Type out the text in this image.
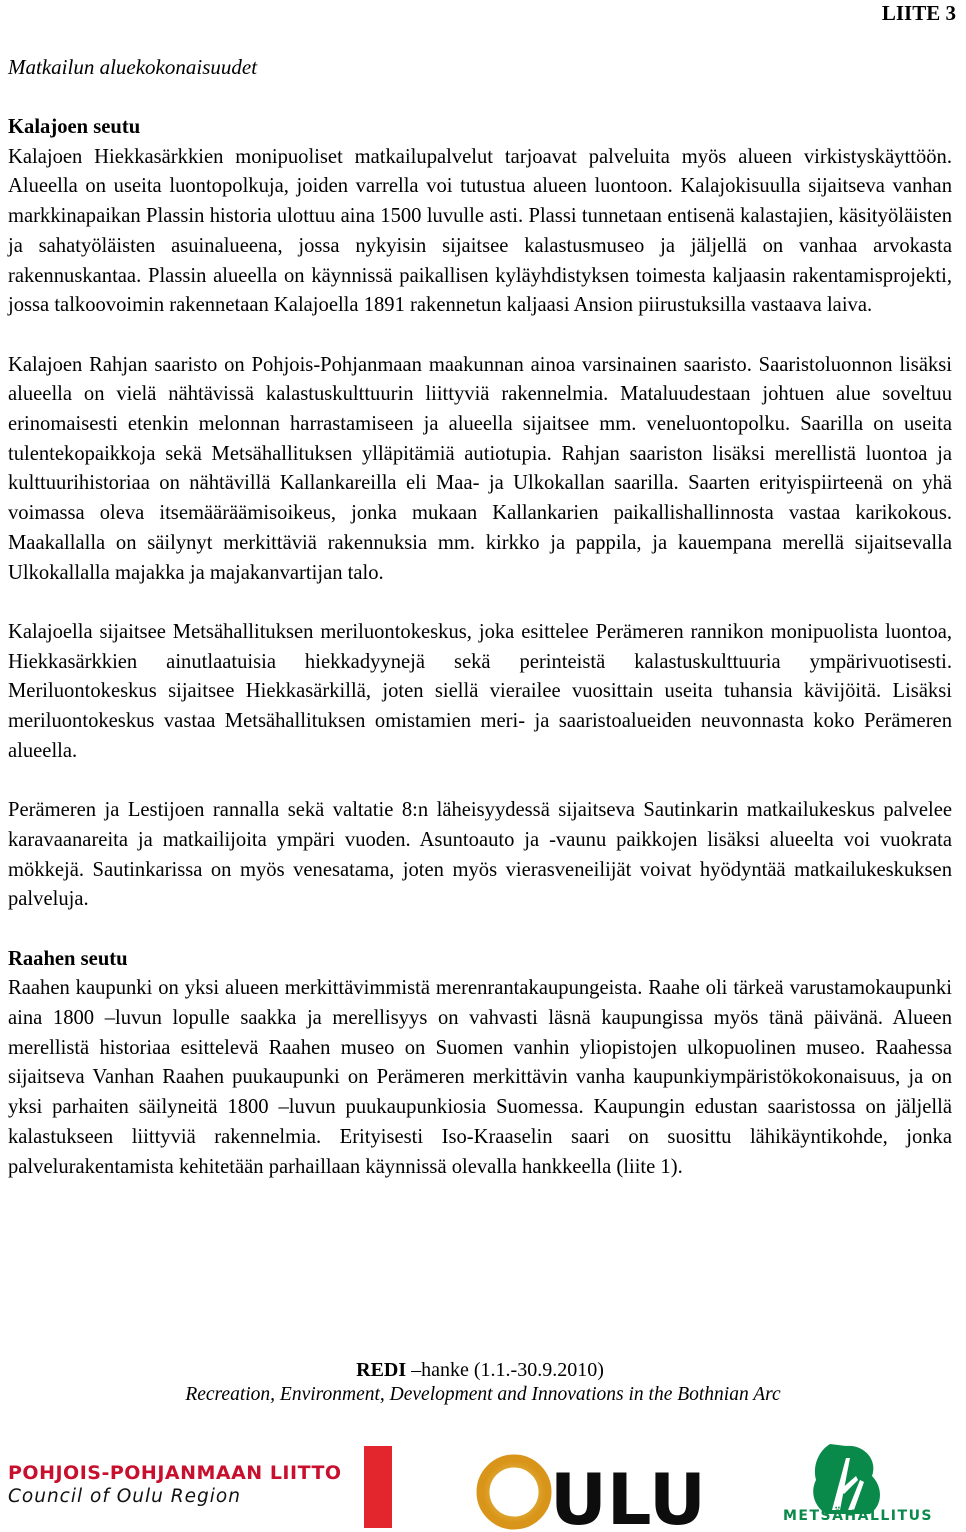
LIITE 3
Matkailun aluekokonaisuudet
Kalajoen seutu

Kalajoen Hiekkasärkkien monipuoliset matkailupalvelut tarjoavat palveluita myös alueen virkistyskäyttöön. Alueella on useita luontopolkuja, joiden varrella voi tutustua alueen luontoon. Kalajokisuulla sijaitseva vanhan markkinapaikan Plassin historia ulottuu aina 1500 luvulle asti. Plassi tunnetaan entisenä kalastajien, käsityöläisten ja sahatyöläisten asuinalueena, jossa nykyisin sijaitsee kalastusmuseo ja jäljellä on vanhaa arvokasta rakennuskantaa. Plassin alueella on käynnissä paikallisen kyläyhdistyksen toimesta kaljaasin rakentamisprojekti, jossa talkoovoimin rakennetaan Kalajoella 1891 rakennetun kaljaasi Ansion piirustuksilla vastaava laiva.

Kalajoen Rahjan saaristo on Pohjois-Pohjanmaan maakunnan ainoa varsinainen saaristo. Saaristoluonnon lisäksi alueella on vielä nähtävissä kalastuskulttuurin liittyviä rakennelmia. Mataluudestaan johtuen alue soveltuu erinomaisesti etenkin melonnan harrastamiseen ja alueella sijaitsee mm. veneluontopolku. Saarilla on useita tulentekopaikkoja sekä Metsähallituksen ylläpitämiä autiotupia. Rahjan saariston lisäksi merellistä luontoa ja kulttuurihistoriaa on nähtävillä Kallankareilla eli Maa- ja Ulkokallan saarilla. Saarten erityispiirteenä on yhä voimassa oleva itsemääräämisoikeus, jonka mukaan Kallankarien paikallishallinnosta vastaa karikokous. Maakallalla on säilynyt merkittäviä rakennuksia mm. kirkko ja pappila, ja kauempana merellä sijaitsevalla Ulkokallalla majakka ja majakanvartijan talo.

Kalajoella sijaitsee Metsähallituksen meriluontokeskus, joka esittelee Perämeren rannikon monipuolista luontoa, Hiekkasärkkien ainutlaatuisia hiekkadyynejä sekä perinteistä kalastuskulttuuria ympärivuotisesti. Meriluontokeskus sijaitsee Hiekkasärkillä, joten siellä vierailee vuosittain useita tuhansia kävijöitä. Lisäksi meriluontokeskus vastaa Metsähallituksen omistamien meri- ja saaristoalueiden neuvonnasta koko Perämeren alueella.

Perämeren ja Lestijoen rannalla sekä valtatie 8:n läheisyydessä sijaitseva Sautinkarin matkailukeskus palvelee karavaanareita ja matkailijoita ympäri vuoden. Asuntoauto ja -vaunu paikkojen lisäksi alueelta voi vuokrata mökkejä. Sautinkarissa on myös venesatama, joten myös vierasveneilijät voivat hyödyntää matkailukeskuksen palveluja.

Raahen seutu

Raahen kaupunki on yksi alueen merkittävimmistä merenrantakaupungeista. Raahe oli tärkeä varustamokaupunki aina 1800 –luvun lopulle saakka ja merellisyys on vahvasti läsnä kaupungissa myös tänä päivänä. Alueen merellistä historiaa esittelevä Raahen museo on Suomen vanhin yliopistojen ulkopuolinen museo. Raahessa sijaitseva Vanhan Raahen puukaupunki on Perämeren merkittävin vanha kaupunkiympäristökokonaisuus, ja on yksi parhaiten säilyneitä 1800 –luvun puukaupunkiosia Suomessa. Kaupungin edustan saaristossa on jäljellä kalastukseen liittyviä rakennelmia. Erityisesti Iso-Kraaselin saari on suosittu lähikäyntikohde, jonka palvelurakentamista kehitetään parhaillaan käynnissä olevalla hankkeella (liite 1).

REDI –hanke (1.1.-30.9.2010)
Recreation, Environment, Development and Innovations in the Bothnian Arc
POHJOIS-POHJANMAAN LIITTO
Council of Oulu Region	ULU	METSÄHALLITUS
